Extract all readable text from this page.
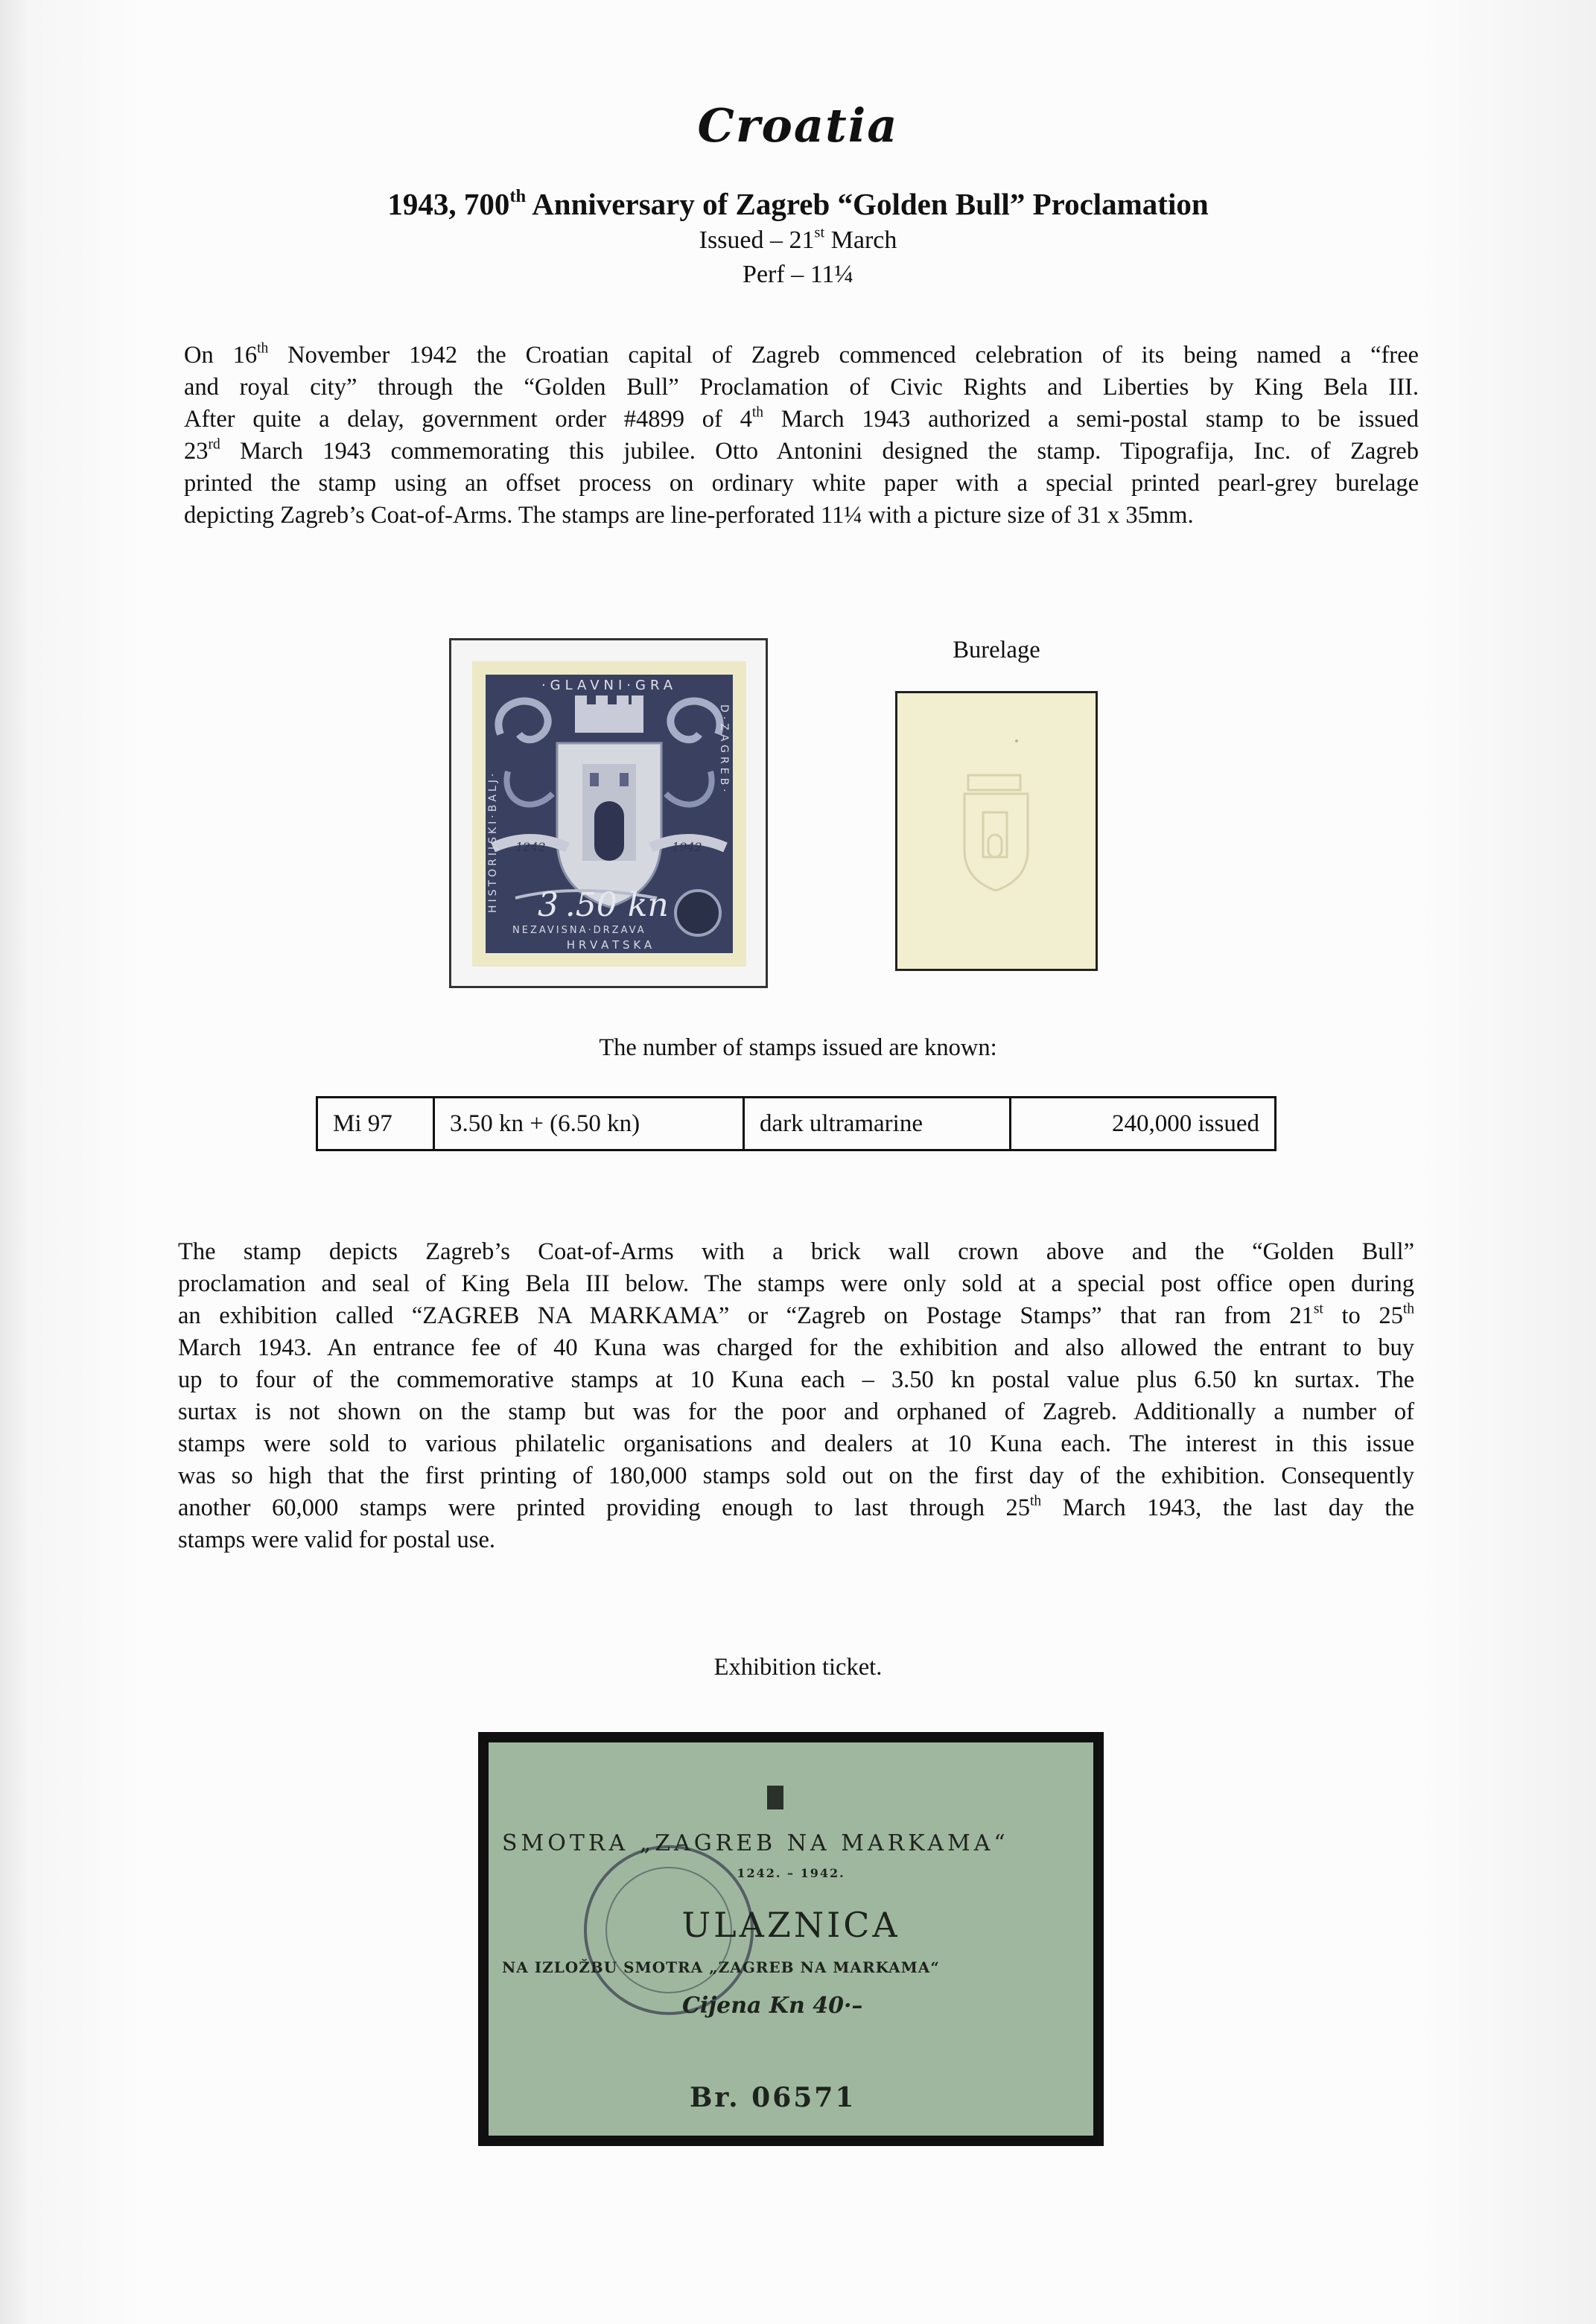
Croatia
1943, 700th Anniversary of Zagreb “Golden Bull” Proclamation
Issued – 21st March
Perf – 11¼
On 16th November 1942 the Croatian capital of Zagreb commenced celebration of its being named a “free
and royal city” through the “Golden Bull” Proclamation of Civic Rights and Liberties by King Bela III.
After quite a delay, government order #4899 of 4th March 1943 authorized a semi-postal stamp to be issued
23rd March 1943 commemorating this jubilee. Otto Antonini designed the stamp. Tipografija, Inc. of Zagreb
printed the stamp using an offset process on ordinary white paper with a special printed pearl-grey burelage
depicting Zagreb’s Coat-of-Arms. The stamps are line-perforated 11¼ with a picture size of 31 x 35mm.
·GLAVNI·GRA
1242	1942
3 .50 kn
NEZAVISNA·DRZAVA
H R V A T S K A
HISTORIJSKI·BALJ·
D·ZAGREB·
Burelage
The number of stamps issued are known:
Mi 97	3.50 kn + (6.50 kn)	dark ultramarine	240,000 issued
The stamp depicts Zagreb’s Coat-of-Arms with a brick wall crown above and the “Golden Bull”
proclamation and seal of King Bela III below. The stamps were only sold at a special post office open during
an exhibition called “ZAGREB NA MARKAMA” or “Zagreb on Postage Stamps” that ran from 21st to 25th
March 1943. An entrance fee of 40 Kuna was charged for the exhibition and also allowed the entrant to buy
up to four of the commemorative stamps at 10 Kuna each – 3.50 kn postal value plus 6.50 kn surtax. The
surtax is not shown on the stamp but was for the poor and orphaned of Zagreb. Additionally a number of
stamps were sold to various philatelic organisations and dealers at 10 Kuna each. The interest in this issue
was so high that the first printing of 180,000 stamps sold out on the first day of the exhibition. Consequently
another 60,000 stamps were printed providing enough to last through 25th March 1943, the last day the
stamps were valid for postal use.
Exhibition ticket.
SMOTRA „ZAGREB NA MARKAMA“
1242. – 1942.
ULAZNICA
NA IZLOŽBU SMOTRA „ZAGREB NA MARKAMA“
Cijena Kn 40·–
Br. 06571
